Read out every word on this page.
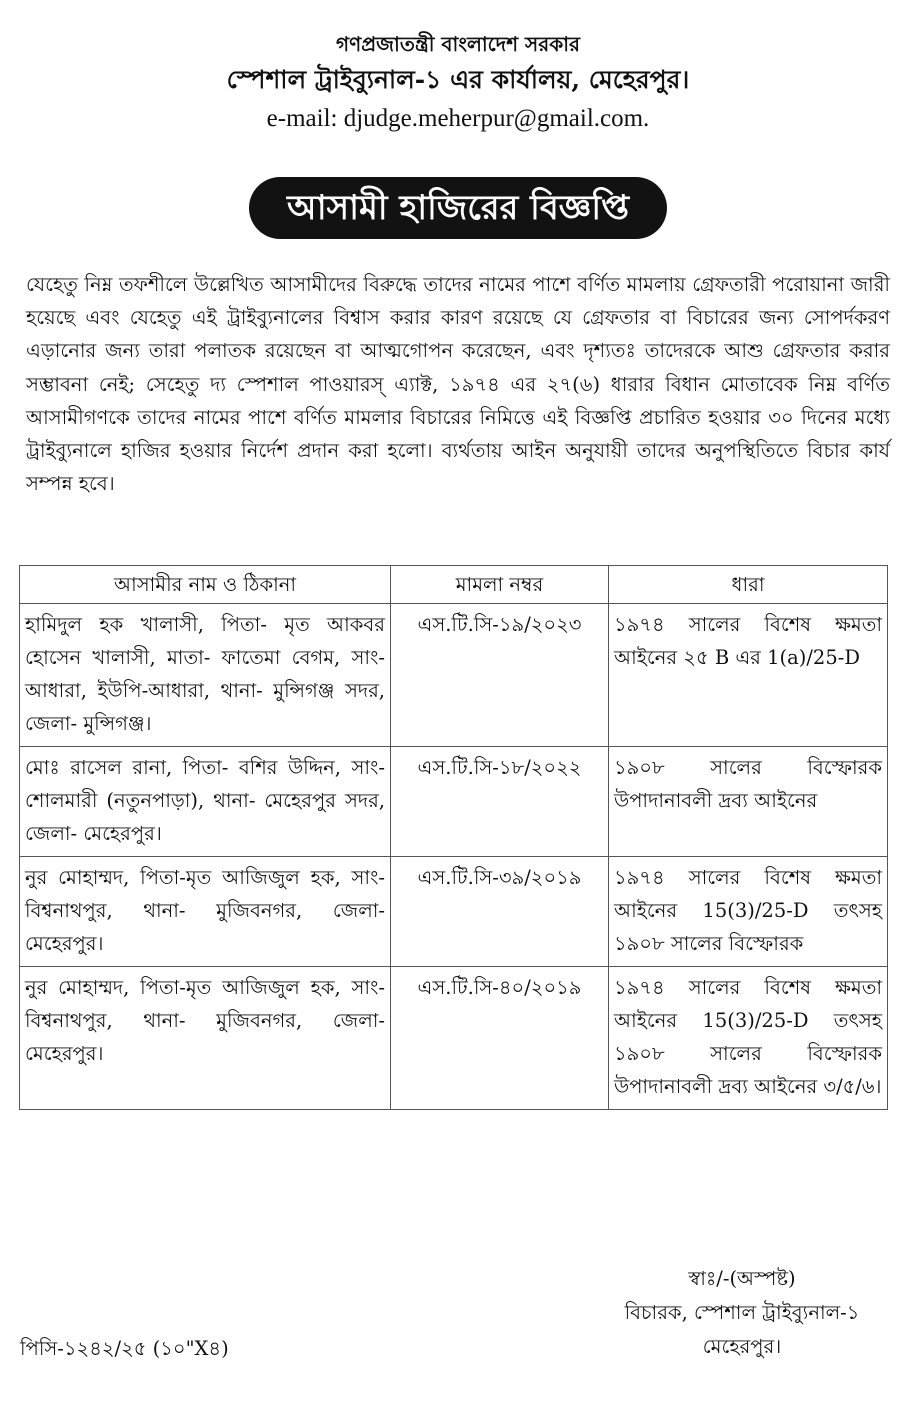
গণপ্রজাতন্ত্রী বাংলাদেশ সরকার
স্পেশাল ট্রাইব্যুনাল-১ এর কার্যালয়, মেহেরপুর।
e-mail: djudge.meherpur@gmail.com.
আসামী হাজিরের বিজ্ঞপ্তি

যেহেতু নিম্ন তফশীলে উল্লেখিত আসামীদের বিরুদ্ধে তাদের নামের পাশে বর্ণিত মামলায় গ্রেফতারী পরোয়ানা জারী হয়েছে এবং যেহেতু এই ট্রাইব্যুনালের বিশ্বাস করার কারণ রয়েছে যে গ্রেফতার বা বিচারের জন্য সোপর্দকরণ এড়ানোর জন্য তারা পলাতক রয়েছেন বা আত্মগোপন করেছেন, এবং দৃশ্যতঃ তাদেরকে আশু গ্রেফতার করার সম্ভাবনা নেই; সেহেতু দ্য স্পেশাল পাওয়ারস্ এ্যাক্ট, ১৯৭৪ এর ২৭(৬) ধারার বিধান মোতাবেক নিম্ন বর্ণিত আসামীগণকে তাদের নামের পাশে বর্ণিত মামলার বিচারের নিমিত্তে এই বিজ্ঞপ্তি প্রচারিত হওয়ার ৩০ দিনের মধ্যে ট্রাইব্যুনালে হাজির হওয়ার নির্দেশ প্রদান করা হলো। ব্যর্থতায় আইন অনুযায়ী তাদের অনুপস্থিতিতে বিচার কার্য সম্পন্ন হবে।

আসামীর নাম ও ঠিকানা	মামলা নম্বর	ধারা
হামিদুল হক খালাসী, পিতা- মৃত আকবর হোসেন খালাসী, মাতা- ফাতেমা বেগম, সাং- আধারা, ইউপি-আধারা, থানা- মুন্সিগঞ্জ সদর, জেলা- মুন্সিগঞ্জ।	এস.টি.সি-১৯/২০২৩	১৯৭৪ সালের বিশেষ ক্ষমতা আইনের ২৫ B এর 1(a)/25-D
মোঃ রাসেল রানা, পিতা- বশির উদ্দিন, সাং- শোলমারী (নতুনপাড়া), থানা- মেহেরপুর সদর, জেলা- মেহেরপুর।	এস.টি.সি-১৮/২০২২	১৯০৮ সালের বিস্ফোরক উপাদানাবলী দ্রব্য আইনের
নুর মোহাম্মদ, পিতা-মৃত আজিজুল হক, সাং- বিশ্বনাথপুর, থানা- মুজিবনগর, জেলা- মেহেরপুর।	এস.টি.সি-৩৯/২০১৯	১৯৭৪ সালের বিশেষ ক্ষমতা আইনের 15(3)/25-D তৎসহ ১৯০৮ সালের বিস্ফোরক
নুর মোহাম্মদ, পিতা-মৃত আজিজুল হক, সাং- বিশ্বনাথপুর, থানা- মুজিবনগর, জেলা- মেহেরপুর।	এস.টি.সি-৪০/২০১৯	১৯৭৪ সালের বিশেষ ক্ষমতা আইনের 15(3)/25-D তৎসহ ১৯০৮ সালের বিস্ফোরক উপাদানাবলী দ্রব্য আইনের ৩/৫/৬।
স্বাঃ/-(অস্পষ্ট)
বিচারক, স্পেশাল ট্রাইব্যুনাল-১
মেহেরপুর।
পিসি-১২৪২/২৫ (১০"X৪)
